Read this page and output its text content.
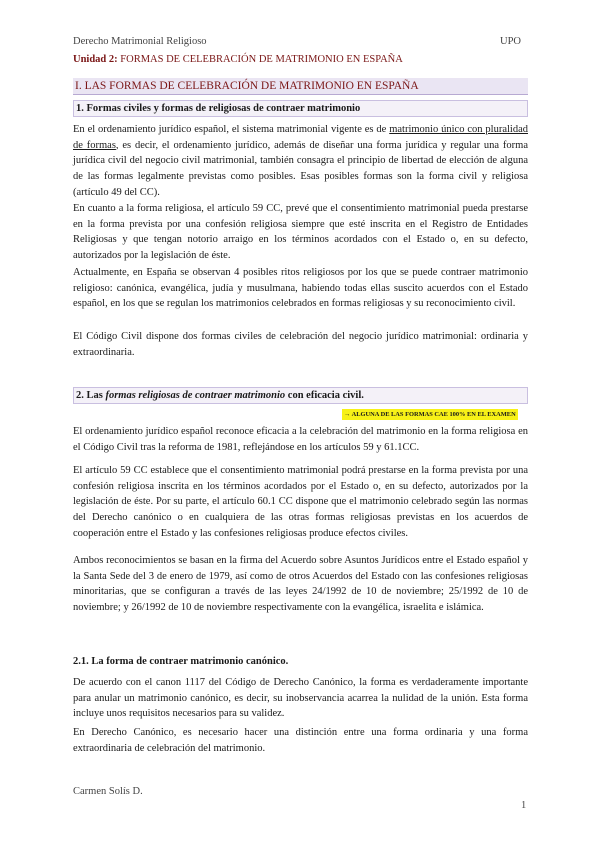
Derecho Matrimonial Religioso	UPO
Unidad 2: FORMAS DE CELEBRACIÓN DE MATRIMONIO EN ESPAÑA
I. LAS FORMAS DE CELEBRACIÓN DE MATRIMONIO EN ESPAÑA
1. Formas civiles y formas de religiosas de contraer matrimonio

En el ordenamiento jurídico español, el sistema matrimonial vigente es de matrimonio único con pluralidad de formas, es decir, el ordenamiento jurídico, además de diseñar una forma jurídica y regular una forma jurídica civil del negocio civil matrimonial, también consagra el principio de libertad de elección de alguna de las formas legalmente previstas como posibles. Esas posibles formas son la forma civil y religiosa (artículo 49 del CC).

En cuanto a la forma religiosa, el artículo 59 CC, prevé que el consentimiento matrimonial pueda prestarse en la forma prevista por una confesión religiosa siempre que esté inscrita en el Registro de Entidades Religiosas y que tengan notorio arraigo en los términos acordados con el Estado o, en su defecto, autorizados por la legislación de éste.

Actualmente, en España se observan 4 posibles ritos religiosos por los que se puede contraer matrimonio religioso: canónica, evangélica, judía y musulmana, habiendo todas ellas suscito acuerdos con el Estado español, en los que se regulan los matrimonios celebrados en formas religiosas y su reconocimiento civil.

El Código Civil dispone dos formas civiles de celebración del negocio jurídico matrimonial: ordinaria y extraordinaria.

2. Las formas religiosas de contraer matrimonio con eficacia civil.
→ ALGUNA DE LAS FORMAS CAE 100% EN EL EXAMEN

El ordenamiento jurídico español reconoce eficacia a la celebración del matrimonio en la forma religiosa en el Código Civil tras la reforma de 1981, reflejándose en los artículos 59 y 61.1CC.

El artículo 59 CC establece que el consentimiento matrimonial podrá prestarse en la forma prevista por una confesión religiosa inscrita en los términos acordados por el Estado o, en su defecto, autorizados por la legislación de éste. Por su parte, el artículo 60.1 CC dispone que el matrimonio celebrado según las normas del Derecho canónico o en cualquiera de las otras formas religiosas previstas en los acuerdos de cooperación entre el Estado y las confesiones religiosas produce efectos civiles.

Ambos reconocimientos se basan en la firma del Acuerdo sobre Asuntos Jurídicos entre el Estado español y la Santa Sede del 3 de enero de 1979, así como de otros Acuerdos del Estado con las confesiones religiosas minoritarias, que se configuran a través de las leyes 24/1992 de 10 de noviembre; 25/1992 de 10 de noviembre; y 26/1992 de 10 de noviembre respectivamente con la evangélica, israelita e islámica.

2.1. La forma de contraer matrimonio canónico.

De acuerdo con el canon 1117 del Código de Derecho Canónico, la forma es verdaderamente importante para anular un matrimonio canónico, es decir, su inobservancia acarrea la nulidad de la unión. Esta forma incluye unos requisitos necesarios para su validez.

En Derecho Canónico, es necesario hacer una distinción entre una forma ordinaria y una forma extraordinaria de celebración del matrimonio.

Carmen Solís D.
1
